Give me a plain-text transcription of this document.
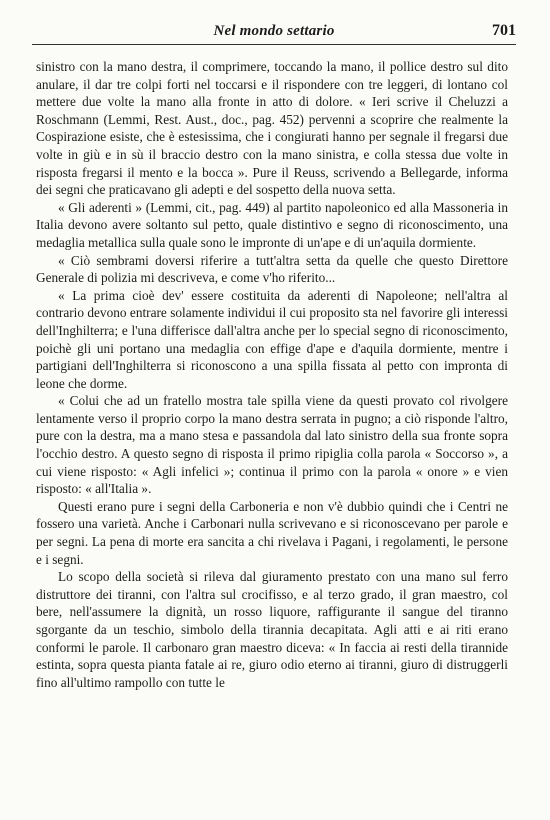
Nel mondo settario	701

sinistro con la mano destra, il comprimere, toccando la mano, il pollice destro sul dito anulare, il dar tre colpi forti nel toccarsi e il rispondere con tre leggeri, di lontano col mettere due volte la mano alla fronte in atto di dolore. « Ieri scrive il Cheluzzi a Roschmann (Lemmi, Rest. Aust., doc., pag. 452) pervenni a scoprire che realmente la Cospirazione esiste, che è estesissima, che i congiurati hanno per segnale il fregarsi due volte in giù e in sù il braccio destro con la mano sinistra, e colla stessa due volte in risposta fregarsi il mento e la bocca ». Pure il Reuss, scrivendo a Bellegarde, informa dei segni che praticavano gli adepti e del sospetto della nuova setta.

« Gli aderenti » (Lemmi, cit., pag. 449) al partito napoleonico ed alla Massoneria in Italia devono avere soltanto sul petto, quale distintivo e segno di riconoscimento, una medaglia metallica sulla quale sono le impronte di un'ape e di un'aquila dormiente.

« Ciò sembrami doversi riferire a tutt'altra setta da quelle che questo Direttore Generale di polizia mi descriveva, e come v'ho riferito...

« La prima cioè dev' essere costituita da aderenti di Napoleone; nell'altra al contrario devono entrare solamente individui il cui proposito sta nel favorire gli interessi dell'Inghilterra; e l'una differisce dall'altra anche per lo special segno di riconoscimento, poichè gli uni portano una medaglia con effige d'ape e d'aquila dormiente, mentre i partigiani dell'Inghilterra si riconoscono a una spilla fissata al petto con impronta di leone che dorme.

« Colui che ad un fratello mostra tale spilla viene da questi provato col rivolgere lentamente verso il proprio corpo la mano destra serrata in pugno; a ciò risponde l'altro, pure con la destra, ma a mano stesa e passandola dal lato sinistro della sua fronte sopra l'occhio destro. A questo segno di risposta il primo ripiglia colla parola « Soccorso », a cui viene risposto: « Agli infelici »; continua il primo con la parola « onore » e vien risposto: « all'Italia ».

Questi erano pure i segni della Carboneria e non v'è dubbio quindi che i Centri ne fossero una varietà. Anche i Carbonari nulla scrivevano e si riconoscevano per parole e per segni. La pena di morte era sancita a chi rivelava i Pagani, i regolamenti, le persone e i segni.

Lo scopo della società si rileva dal giuramento prestato con una mano sul ferro distruttore dei tiranni, con l'altra sul crocifisso, e al terzo grado, il gran maestro, col bere, nell'assumere la dignità, un rosso liquore, raffigurante il sangue del tiranno sgorgante da un teschio, simbolo della tirannia decapitata. Agli atti e ai riti erano conformi le parole. Il carbonaro gran maestro diceva: « In faccia ai resti della tirannide estinta, sopra questa pianta fatale ai re, giuro odio eterno ai tiranni, giuro di distruggerli fino all'ultimo rampollo con tutte le
